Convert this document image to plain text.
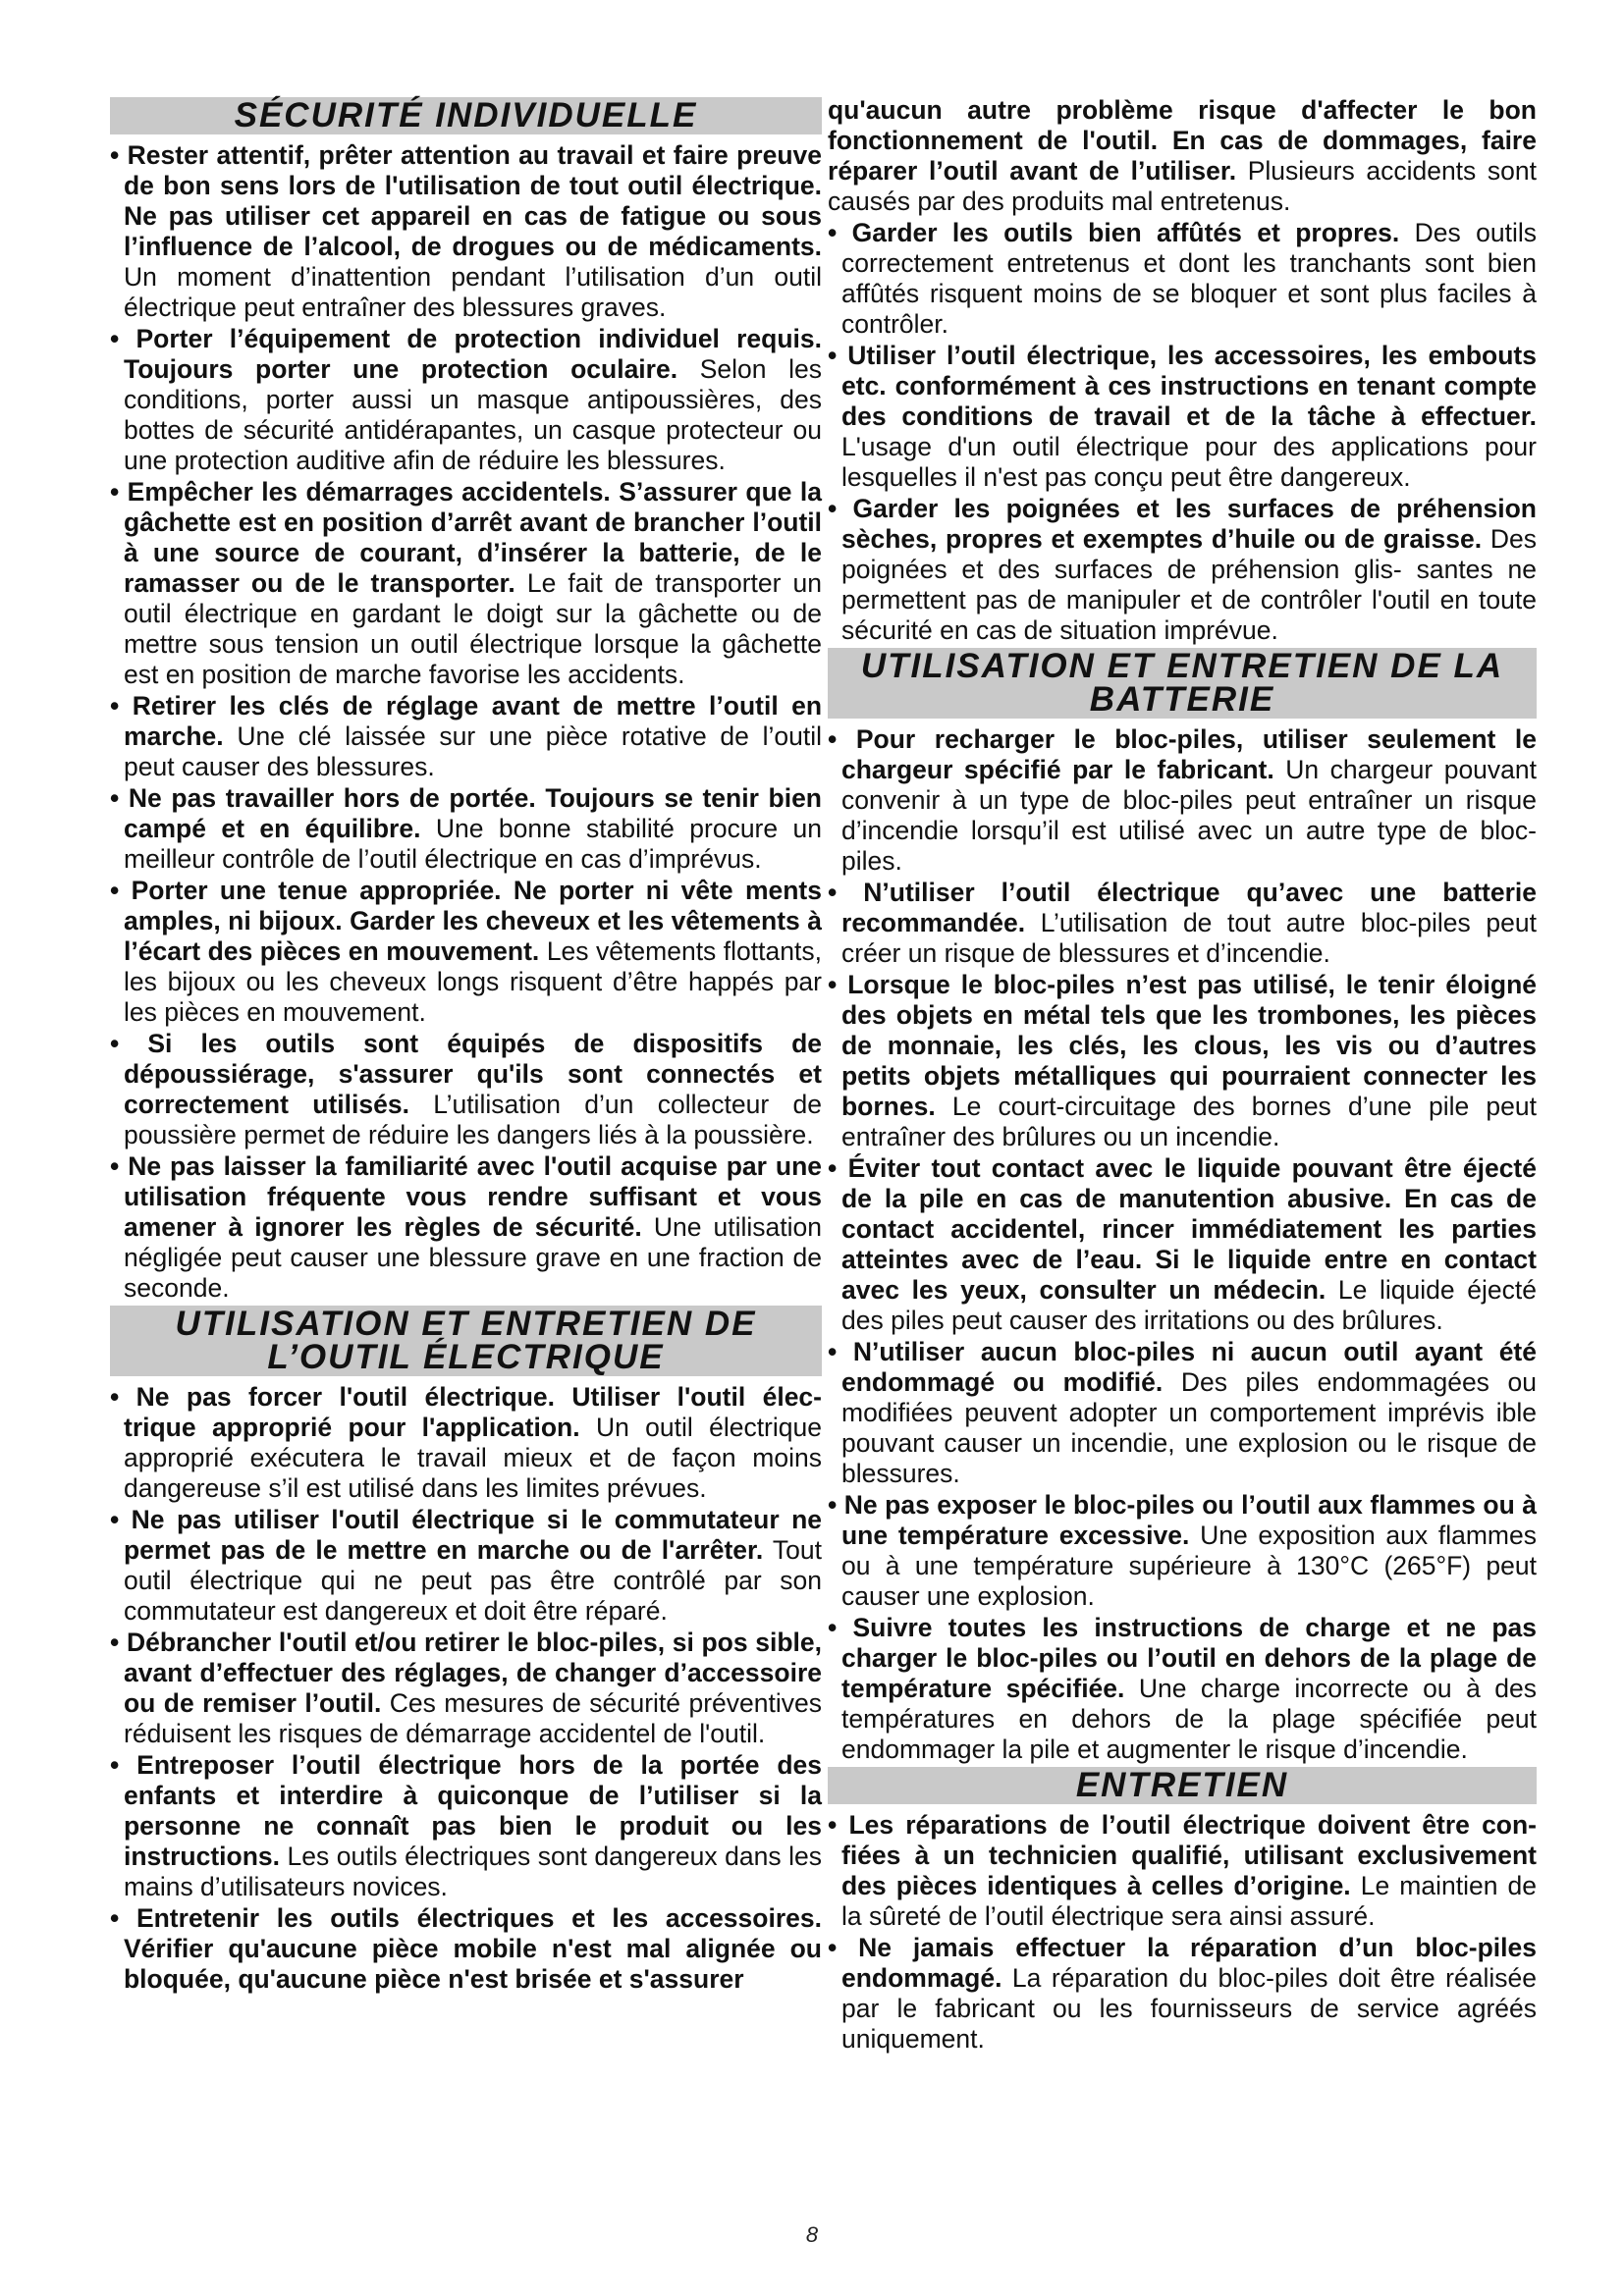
SÉCURITÉ INDIVIDUELLE

• Rester attentif, prêter attention au travail et faire preuve de bon sens lors de l'utilisation de tout outil électrique. Ne pas utiliser cet appareil en cas de fatigue ou sous l’influence de l’alcool, de drogues ou de médicaments. Un moment d’inattention pendant l’utilisation d’un outil électrique peut entraîner des blessures graves.

• Porter l’équipement de protection individuel requis. Toujours porter une protection oculaire. Selon les conditions, porter aussi un masque antipoussières, des bottes de sécurité antidérapantes, un casque protecteur ou une protection auditive afin de réduire les blessures.

• Empêcher les démarrages accidentels. S’assurer que la gâchette est en position d’arrêt avant de brancher l’outil à une source de courant, d’insérer la batterie, de le ramasser ou de le transporter. Le fait de transporter un outil électrique en gardant le doigt sur la gâchette ou de mettre sous tension un outil électrique lorsque la gâchette est en position de marche favorise les accidents.

• Retirer les clés de réglage avant de mettre l’outil en marche. Une clé laissée sur une pièce rotative de l’outil peut causer des blessures.

• Ne pas travailler hors de portée. Toujours se tenir bien campé et en équilibre. Une bonne stabilité procure un meilleur contrôle de l’outil électrique en cas d’imprévus.

• Porter une tenue appropriée. Ne porter ni vête ments amples, ni bijoux. Garder les cheveux et les vêtements à l’écart des pièces en mouvement. Les vêtements flottants, les bijoux ou les cheveux longs risquent d’être happés par les pièces en mouvement.

• Si les outils sont équipés de dispositifs de dépoussiérage, s'assurer qu'ils sont connectés et correctement utilisés. L’utilisation d’un collecteur de poussière permet de réduire les dangers liés à la poussière.

• Ne pas laisser la familiarité avec l'outil acquise par une utilisation fréquente vous rendre suffisant et vous amener à ignorer les règles de sécurité. Une utilisation négligée peut causer une blessure grave en une fraction de seconde.

UTILISATION ET ENTRETIEN DE L’OUTIL ÉLECTRIQUE

• Ne pas forcer l'outil électrique. Utiliser l'outil élec- trique approprié pour l'application. Un outil électrique approprié exécutera le travail mieux et de façon moins dangereuse s’il est utilisé dans les limites prévues.

• Ne pas utiliser l'outil électrique si le commutateur ne permet pas de le mettre en marche ou de l'arrêter. Tout outil électrique qui ne peut pas être contrôlé par son commutateur est dangereux et doit être réparé.

• Débrancher l'outil et/ou retirer le bloc-piles, si pos sible, avant d’effectuer des réglages, de changer d’accessoire ou de remiser l’outil. Ces mesures de sécurité préventives réduisent les risques de démarrage accidentel de l'outil.

• Entreposer l’outil électrique hors de la portée des enfants et interdire à quiconque de l’utiliser si la personne ne connaît pas bien le produit ou les instructions. Les outils électriques sont dangereux dans les mains d’utilisateurs novices.

• Entretenir les outils électriques et les accessoires. Vérifier qu'aucune pièce mobile n'est mal alignée ou bloquée, qu'aucune pièce n'est brisée et s'assurer

qu'aucun autre problème risque d'affecter le bon fonctionnement de l'outil. En cas de dommages, faire réparer l’outil avant de l’utiliser. Plusieurs accidents sont causés par des produits mal entretenus.

• Garder les outils bien affûtés et propres. Des outils correctement entretenus et dont les tranchants sont bien affûtés risquent moins de se bloquer et sont plus faciles à contrôler.

• Utiliser l’outil électrique, les accessoires, les embouts etc. conformément à ces instructions en tenant compte des conditions de travail et de la tâche à effectuer. L'usage d'un outil électrique pour des applications pour lesquelles il n'est pas conçu peut être dangereux.

• Garder les poignées et les surfaces de préhension sèches, propres et exemptes d’huile ou de graisse. Des poignées et des surfaces de préhension glis- santes ne permettent pas de manipuler et de contrôler l'outil en toute sécurité en cas de situation imprévue.

UTILISATION ET ENTRETIEN DE LA BATTERIE

• Pour recharger le bloc-piles, utiliser seulement le chargeur spécifié par le fabricant. Un chargeur pouvant convenir à un type de bloc-piles peut entraîner un risque d’incendie lorsqu’il est utilisé avec un autre type de bloc-piles.

• N’utiliser l’outil électrique qu’avec une batterie recommandée. L’utilisation de tout autre bloc-piles peut créer un risque de blessures et d’incendie.

• Lorsque le bloc-piles n’est pas utilisé, le tenir éloigné des objets en métal tels que les trombones, les pièces de monnaie, les clés, les clous, les vis ou d’autres petits objets métalliques qui pourraient connecter les bornes. Le court-circuitage des bornes d’une pile peut entraîner des brûlures ou un incendie.

• Éviter tout contact avec le liquide pouvant être éjecté de la pile en cas de manutention abusive. En cas de contact accidentel, rincer immédiatement les parties atteintes avec de l’eau. Si le liquide entre en contact avec les yeux, consulter un médecin. Le liquide éjecté des piles peut causer des irritations ou des brûlures.

• N’utiliser aucun bloc-piles ni aucun outil ayant été endommagé ou modifié. Des piles endommagées ou modifiées peuvent adopter un comportement imprévis ible pouvant causer un incendie, une explosion ou le risque de blessures.

• Ne pas exposer le bloc-piles ou l’outil aux flammes ou à une température excessive. Une exposition aux flammes ou à une température supérieure à 130°C (265°F) peut causer une explosion.

• Suivre toutes les instructions de charge et ne pas charger le bloc-piles ou l’outil en dehors de la plage de température spécifiée. Une charge incorrecte ou à des températures en dehors de la plage spécifiée peut endommager la pile et augmenter le risque d’incendie.

ENTRETIEN

• Les réparations de l’outil électrique doivent être con- fiées à un technicien qualifié, utilisant exclusivement des pièces identiques à celles d’origine. Le maintien de la sûreté de l’outil électrique sera ainsi assuré.

• Ne jamais effectuer la réparation d’un bloc-piles endommagé. La réparation du bloc-piles doit être réalisée par le fabricant ou les fournisseurs de service agréés uniquement.

8
